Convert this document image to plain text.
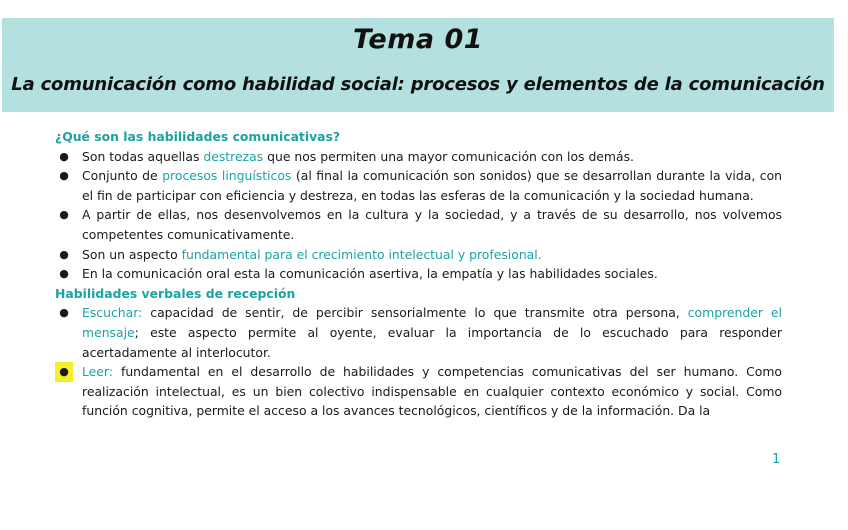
Tema 01
La comunicación como habilidad social: procesos y elementos de la comunicación
¿Qué son las habilidades comunicativas?
●	Son todas aquellas destrezas que nos permiten una mayor comunicación con los demás.
●	Conjunto de procesos linguísticos (al final la comunicación son sonidos) que se desarrollan durante la vida, con el fin de participar con eficiencia y destreza, en todas las esferas de la comunicación y la sociedad humana.
●	A partir de ellas, nos desenvolvemos en la cultura y la sociedad, y a través de su desarrollo, nos volvemos competentes comunicativamente.
●	Son un aspecto fundamental para el crecimiento intelectual y profesional.
●	En la comunicación oral esta la comunicación asertiva, la empatía y las habilidades sociales.
Habilidades verbales de recepción
●	Escuchar: capacidad de sentir, de percibir sensorialmente lo que transmite otra persona, comprender el mensaje; este aspecto permite al oyente, evaluar la importancia de lo escuchado para responder acertadamente al interlocutor.
●	Leer: fundamental en el desarrollo de habilidades y competencias comunicativas del ser humano. Como realización intelectual, es un bien colectivo indispensable en cualquier contexto económico y social. Como función cognitiva, permite el acceso a los avances tecnológicos, científicos y de la información. Da la
1
